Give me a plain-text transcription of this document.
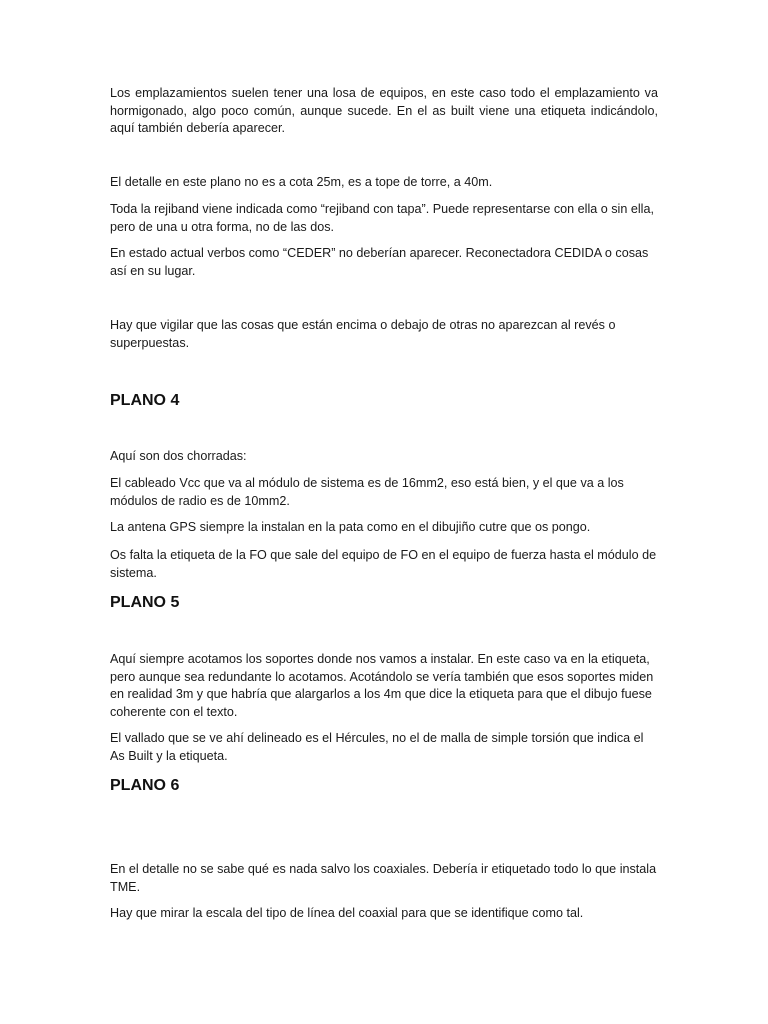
Los emplazamientos suelen tener una losa de equipos, en este caso todo el emplazamiento va hormigonado, algo poco común, aunque sucede. En el as built viene una etiqueta indicándolo, aquí también debería aparecer.

El detalle en este plano no es a cota 25m, es a tope de torre, a 40m.

Toda la rejiband viene indicada como “rejiband con tapa”. Puede representarse con ella o sin ella, pero de una u otra forma, no de las dos.

En estado actual verbos como “CEDER” no deberían aparecer. Reconectadora CEDIDA o cosas así en su lugar.

Hay que vigilar que las cosas que están encima o debajo de otras no aparezcan al revés o superpuestas.

PLANO 4

Aquí son dos chorradas:

El cableado Vcc que va al módulo de sistema es de 16mm2, eso está bien, y el que va a los módulos de radio es de 10mm2.

La antena GPS siempre la instalan en la pata como en el dibujiño cutre que os pongo.

Os falta la etiqueta de la FO que sale del equipo de FO en el equipo de fuerza hasta el módulo de sistema.

PLANO 5

Aquí siempre acotamos los soportes donde nos vamos a instalar. En este caso va en la etiqueta, pero aunque sea redundante lo acotamos. Acotándolo se vería también que esos soportes miden en realidad 3m y que habría que alargarlos a los 4m que dice la etiqueta para que el dibujo fuese coherente con el texto.

El vallado que se ve ahí delineado es el Hércules, no el de malla de simple torsión que indica el As Built y la etiqueta.

PLANO 6

En el detalle no se sabe qué es nada salvo los coaxiales. Debería ir etiquetado todo lo que instala TME.

Hay que mirar la escala del tipo de línea del coaxial para que se identifique como tal.
